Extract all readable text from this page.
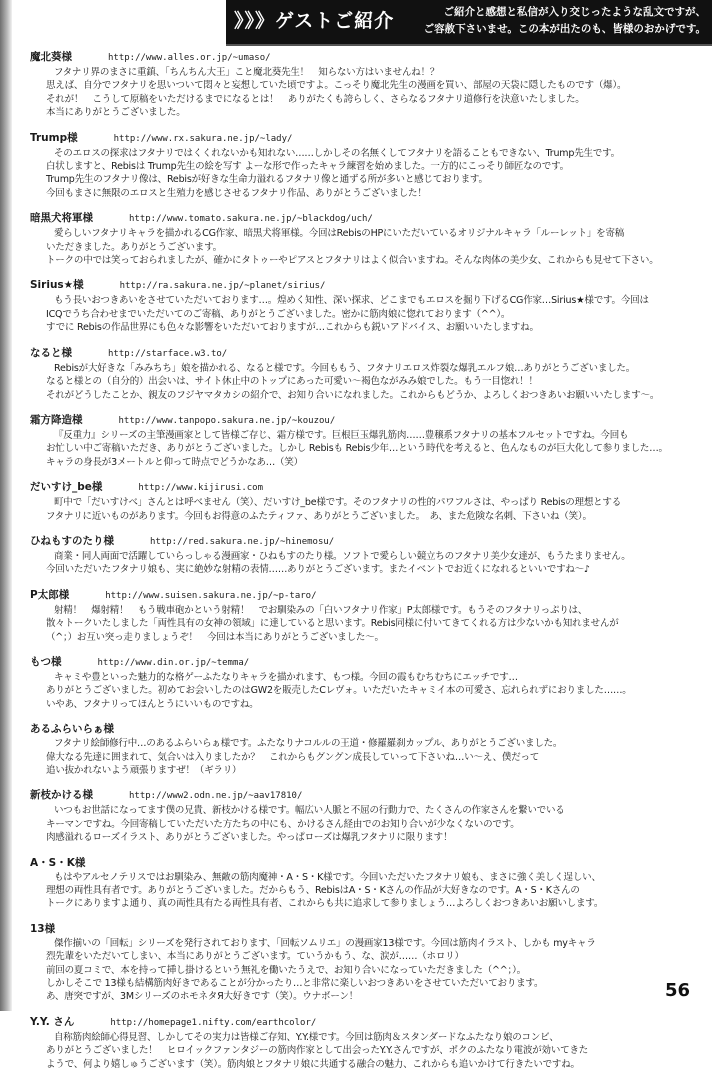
》》》ゲストご紹介	ご紹介と感想と私信が入り交じったような乱文ですが、
ご容赦下さいませ。この本が出たのも、皆様のおかげです。
魔北葵様	http://www.alles.or.jp/~umaso/
フタナリ界のまさに重鎮、「ちんちん大王」こと魔北葵先生！　知らない方はいませんね！？
思えば、自分でフタナリを思いついて悶々と妄想していた頃ですよ。こっそり魔北先生の漫画を買い、部屋の天袋に隠したものです（爆）。
それが！　こうして原稿をいただけるまでになるとは！　ありがたくも誇らしく、さらなるフタナリ道修行を決意いたしました。
本当にありがとうございました。
Trump様	http://www.rx.sakura.ne.jp/~lady/
そのエロスの探求はフタナリではくくれないかも知れない……しかしその名無くしてフタナリを語ることもできない、Trump先生です。
白状しますと、Rebisは Trump先生の絵を写す よーな形で作ったキャラ練習を始めました。一方的にこっそり師匠なのです。
Trump先生のフタナリ像は、Rebisが好きな生命力溢れるフタナリ像と通ずる所が多いと感じております。
今回もまさに無限のエロスと生殖力を感じさせるフタナリ作品、ありがとうございました！
暗黒犬将軍様	http://www.tomato.sakura.ne.jp/~blackdog/uch/
愛らしいフタナリキャラを描かれるCG作家、暗黒犬将軍様。今回はRebisのHPにいただいているオリジナルキャラ「ルーレット」を寄稿
いただきました。ありがとうございます。
トークの中では笑っておられましたが、確かにタトゥーやピアスとフタナリはよく似合いますね。そんな肉体の美少女、これからも見せて下さい。
Sirius★様	http://ra.sakura.ne.jp/~planet/sirius/
もう長いおつきあいをさせていただいております…。煌めく知性、深い探求、どこまでもエロスを掘り下げるCG作家…Sirius★様です。今回は
ICQでうち合わせまでいただいてのご寄稿、ありがとうございました。密かに筋肉娘に惚れております（^^）。
すでに Rebisの作品世界にも色々な影響をいただいておりますが…これからも鋭いアドバイス、お願いいたしますね。
なると様	http://starface.w3.to/
Rebisが大好きな「みみちち」娘を描かれる、なると様です。今回ももう、フタナリエロス炸裂な爆乳エルフ娘…ありがとうございました。
なると様との（自分的）出会いは、サイト休止中のトップにあった可愛い～褐色ながみみ娘でした。もう一目惚れ！！
それがどうしたことか、親友のフジヤマタカシの紹介で、お知り合いになれました。これからもどうか、よろしくおつきあいお願いいたします～。
霜方降造様	http://www.tanpopo.sakura.ne.jp/~kouzou/
『反重力』シリーズの主筆漫画家として皆様ご存じ、霜方様です。巨根巨玉爆乳筋肉……豊穣系フタナリの基本フルセットですね。今回も
お忙しい中ご寄稿いただき、ありがとうございました。しかし Rebisも Rebis少年…という時代を考えると、色んなものが巨大化して参りました…。
キャラの身長が3メートルと仰って時点でどうかなあ…（笑）
だいすけ_be様	http://www.kijirusi.com
町中で「だいすけべ」さんとは呼べません（笑）、だいすけ_be様です。そのフタナリの性的パワフルさは、やっぱり Rebisの理想とする
フタナリに近いものがあります。今回もお得意のふたティファ、ありがとうございました。　あ、また危険な名刺、下さいね（笑）。
ひねもすのたり様	http://red.sakura.ne.jp/~hinemosu/
商業・同人両面で活躍していらっしゃる漫画家・ひねもすのたり様。ソフトで愛らしい競立ちのフタナリ美少女達が、もうたまりません。
今回いただいたフタナリ娘も、実に絶妙な射精の表情……ありがとうございます。またイベントでお近くになれるといいですね～♪
P太郎様	http://www.suisen.sakura.ne.jp/~p-taro/
射精！　爆射精！　もう戦車砲かという射精！　でお馴染みの「白いフタナリ作家」P太郎様です。もうそのフタナリっぷりは、
散々トークいたしました「両性具有の女神の領域」に達していると思います。Rebis同様に付いてきてくれる方は少ないかも知れませんが
（^；）お互い突っ走りましょうぞ！　今回は本当にありがとうございました～。
もつ様	http://www.din.or.jp/~temma/
キャミや豊といった魅力的な格ゲーふたなりキャラを描かれます、もつ様。今回の霞もむちむちにエッチです…
ありがとうございました。初めてお会いしたのはGW2を販売したCレヴォ。いただいたキャミイ本の可愛さ、忘れられずにおりました……。
いやあ、フタナリってほんとうにいいものですね。
あるふらいらぁ様
フタナリ絵師修行中…のあるふらいらぁ様です。ふたなりナコルルの王道・修羅羅刹カップル、ありがとうございました。
偉大なる先達に囲まれて、気合いは入りましたか？　これからもグングン成長していって下さいね…い～え、僕だって
追い抜かれないよう頑張りますぜ！（ギラリ）
新枝かける様	http://www2.odn.ne.jp/~aav17810/
いつもお世話になってます僕の兄貴、新枝かける様です。幅広い人脈と不屈の行動力で、たくさんの作家さんを繋いでいる
キーマンですね。今回寄稿していただいた方たちの中にも、かけるさん経由でのお知り合いが少なくないのです。
肉感溢れるローズイラスト、ありがとうございました。やっぱローズは爆乳フタナリに限ります！
A・S・K様
もはやアルセノテリスではお馴染み、無敵の筋肉魔神・A・S・K様です。今回いただいたフタナリ娘も、まさに強く美しく逞しい、
理想の両性具有者です。ありがとうございました。だからもう、RebisはA・S・Kさんの作品が大好きなのです。A・S・Kさんの
トークにありますよ通り、真の両性具有たる両性具有者、これからも共に追求して参りましょう…よろしくおつきあいお願いします。
13様
傑作揃いの「回転」シリーズを発行されております、「回転ソムリエ」の漫画家13様です。今回は筋肉イラスト、しかも myキャラ
烈先輩をいただいてしまい、本当にありがとうございます。ていうかもう、な、涙が……（ホロリ）
前回の夏コミで、本を持って挿し掛けるという無礼を働いたうえで、お知り合いになっていただきました（^^；）。
しかしそこで 13様も結構筋肉好きであることが分かったり…と非常に楽しいおつきあいをさせていただいております。
あ、唐突ですが、3MシリーズのホモネタЯ大好きです（笑）。ウナボーン！
Y.Y. さん	http://homepage1.nifty.com/earthcolor/
自称筋肉絵師心得見習、しかしてその実力は皆様ご存知、Y.Y.様です。今回は筋肉＆スタンダードなふたなり娘のコンビ、
ありがとうございました！　ヒロイックファンタジーの筋肉作家として出会ったY.Y.さんですが、ボクのふたなり電波が効いてきた
ようで、何より嬉しゅうございます（笑）。筋肉娘とフタナリ娘に共通する融合の魅力、これからも追いかけて行きたいですね。
56
